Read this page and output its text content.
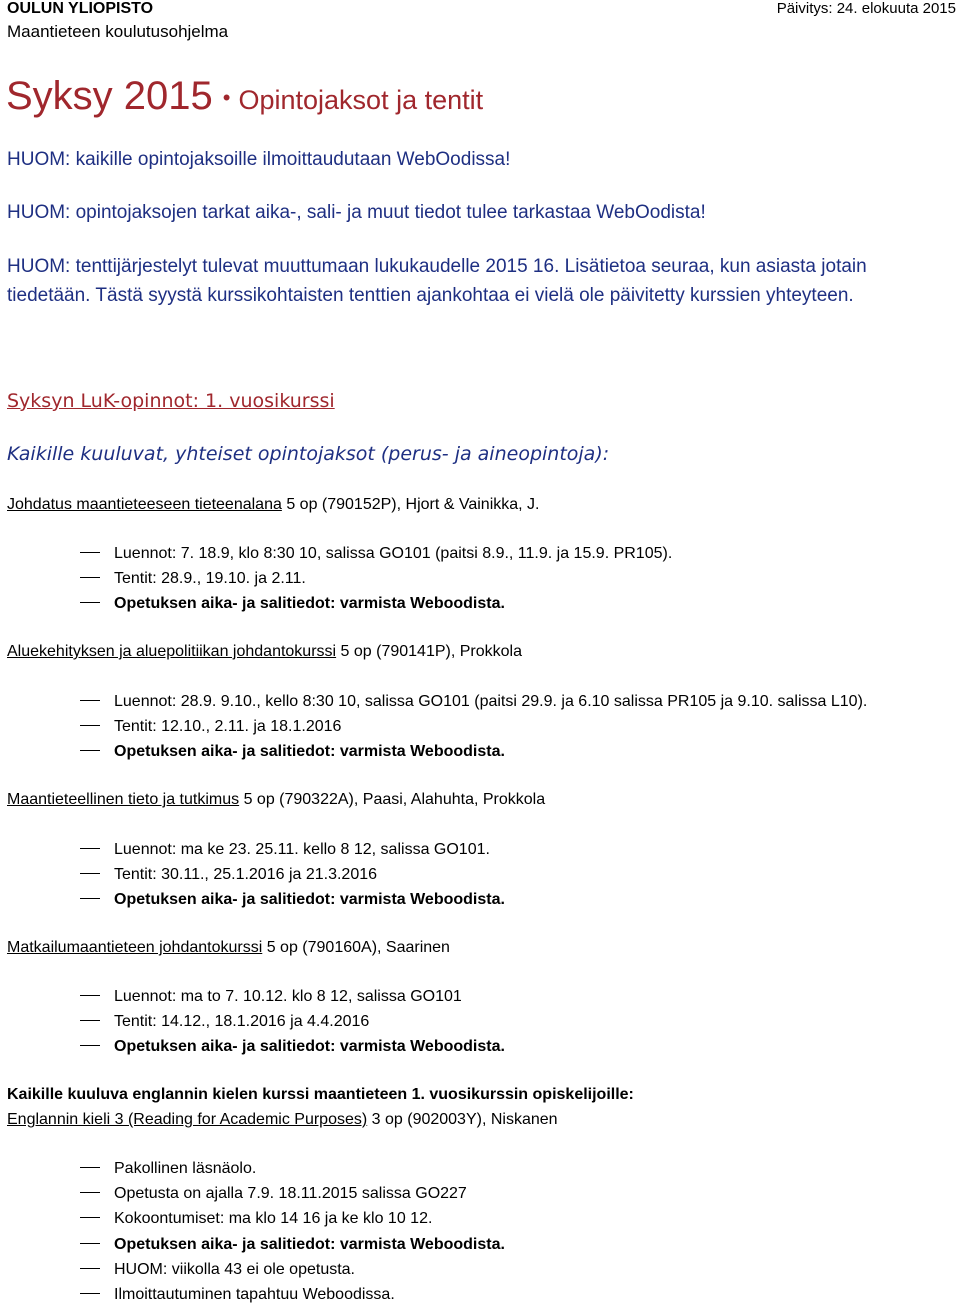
OULUN YLIOPISTO
Maantieteen koulutusohjelma
Päivitys: 24. elokuuta 2015
Syksy 2015 • Opintojaksot ja tentit
HUOM: kaikille opintojaksoille ilmoittaudutaan WebOodissa!
HUOM: opintojaksojen tarkat aika-, sali- ja muut tiedot tulee tarkastaa WebOodista!
HUOM: tenttijärjestelyt tulevat muuttumaan lukukaudelle 2015 16. Lisätietoa seuraa, kun asiasta jotain tiedetään. Tästä syystä kurssikohtaisten tenttien ajankohtaa ei vielä ole päivitetty kurssien yhteyteen.
Syksyn LuK-opinnot: 1. vuosikurssi
Kaikille kuuluvat, yhteiset opintojaksot (perus- ja aineopintoja):
Johdatus maantieteeseen tieteenalana 5 op (790152P), Hjort & Vainikka, J.
Luennot: 7. 18.9, klo 8:30 10, salissa GO101 (paitsi 8.9., 11.9. ja 15.9. PR105).
Tentit: 28.9., 19.10. ja 2.11.
Opetuksen aika- ja salitiedot: varmista Weboodista.
Aluekehityksen ja aluepolitiikan johdantokurssi 5 op (790141P), Prokkola
Luennot: 28.9. 9.10., kello 8:30 10, salissa GO101 (paitsi 29.9. ja 6.10 salissa PR105 ja 9.10. salissa L10).
Tentit: 12.10., 2.11. ja 18.1.2016
Opetuksen aika- ja salitiedot: varmista Weboodista.
Maantieteellinen tieto ja tutkimus 5 op (790322A), Paasi, Alahuhta, Prokkola
Luennot: ma ke 23. 25.11. kello 8 12, salissa GO101.
Tentit: 30.11., 25.1.2016 ja 21.3.2016
Opetuksen aika- ja salitiedot: varmista Weboodista.
Matkailumaantieteen johdantokurssi 5 op (790160A), Saarinen
Luennot: ma to 7. 10.12. klo 8 12, salissa GO101
Tentit: 14.12., 18.1.2016 ja 4.4.2016
Opetuksen aika- ja salitiedot: varmista Weboodista.
Kaikille kuuluva englannin kielen kurssi maantieteen 1. vuosikurssin opiskelijoille:
Englannin kieli 3 (Reading for Academic Purposes) 3 op (902003Y), Niskanen
Pakollinen läsnäolo.
Opetusta on ajalla 7.9. 18.11.2015 salissa GO227
Kokoontumiset: ma klo 14 16 ja ke klo 10 12.
Opetuksen aika- ja salitiedot: varmista Weboodista.
HUOM: viikolla 43 ei ole opetusta.
Ilmoittautuminen tapahtuu Weboodissa.
